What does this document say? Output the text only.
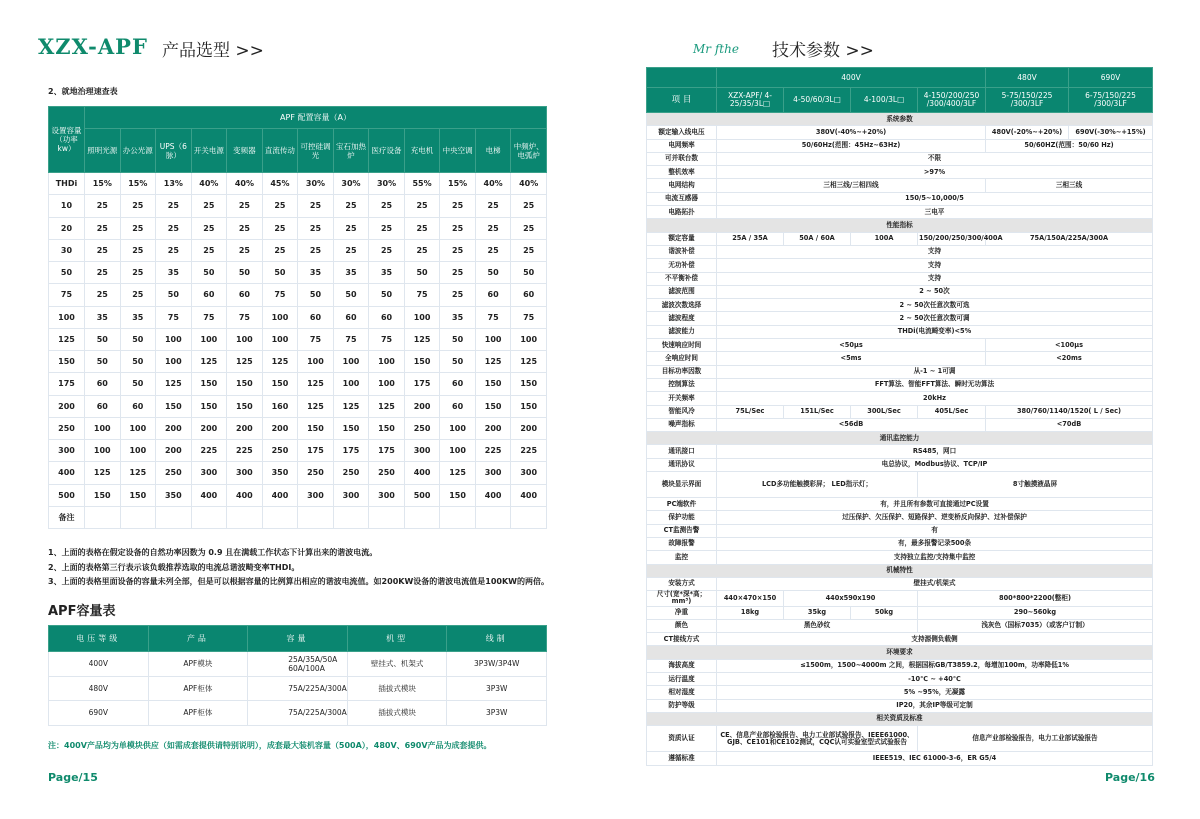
XZX-APF 产品选型 >>
2、就地治理速查表
设置容量（功率kw）	APF 配置容量（A）												
	照明光源	办公光源	UPS（6脉）	开关电源	变频器	直流传动	可控硅调光	宝石加热炉	医疗设备	充电机	中央空调	电梯	中频炉、电弧炉
THDi	15%	15%	13%	40%	40%	45%	30%	30%	30%	55%	15%	40%	40%
10	25	25	25	25	25	25	25	25	25	25	25	25	25
20	25	25	25	25	25	25	25	25	25	25	25	25	25
30	25	25	25	25	25	25	25	25	25	25	25	25	25
50	25	25	35	50	50	50	35	35	35	50	25	50	50
75	25	25	50	60	60	75	50	50	50	75	25	60	60
100	35	35	75	75	75	100	60	60	60	100	35	75	75
125	50	50	100	100	100	100	75	75	75	125	50	100	100
150	50	50	100	125	125	125	100	100	100	150	50	125	125
175	60	50	125	150	150	150	125	100	100	175	60	150	150
200	60	60	150	150	150	160	125	125	125	200	60	150	150
250	100	100	200	200	200	200	150	150	150	250	100	200	200
300	100	100	200	225	225	250	175	175	175	300	100	225	225
400	125	125	250	300	300	350	250	250	250	400	125	300	300
500	150	150	350	400	400	400	300	300	300	500	150	400	400
备注													
1、上面的表格在假定设备的自然功率因数为 0.9 且在满载工作状态下计算出来的谐波电流。
2、上面的表格第三行表示该负载推荐选取的电流总谐波畸变率THDI。
3、上面的表格里面设备的容量未列全部，但是可以根据容量的比例算出相应的谐波电流值。如200KW设备的谐波电流值是100KW的两倍。
APF容量表
电压等级	产品	容量	机型	线制
400V	APF模块	25A/35A/50A 60A/100A	壁挂式、机架式	3P3W/3P4W
480V	APF柜体	75A/225A/300A	插拔式模块	3P3W
690V	APF柜体	75A/225A/300A	插拔式模块	3P3W
注：400V产品均为单模块供应（如需成套提供请特别说明），成套最大装机容量（500A），480V、690V产品为成套提供。
Page/15
Mr fthe 技术参数 >>
	400V				480V	690V
项 目	XZX-APF/ 4-25/35/3L□	4-50/60/3L□	4-100/3L□	4-150/200/250 /300/400/3LF	5-75/150/225 /300/3LF	6-75/150/225 /300/3LF
系统参数						
额定输入线电压	380V(-40%~+20%)				480V(-20%~+20%)	690V(-30%~+15%)
电网频率	50/60Hz(范围：45Hz~63Hz)				50/60HZ(范围：50/60 Hz)	
可并联台数	不限					
整机效率	>97%					
电网结构	三相三线/三相四线				三相三线	
电流互感器	150/5~10,000/5					
电路拓扑	三电平					
性能指标						
额定容量	25A / 35A	50A / 60A	100A	150/200/250/300/400A	75A/150A/225A/300A	
谐波补偿	支持					
无功补偿	支持					
不平衡补偿	支持					
滤波范围	2 ~ 50次					
滤波次数选择	2 ~ 50次任意次数可选					
滤波程度	2 ~ 50次任意次数可调					
滤波能力	THDi(电流畸变率)<5%					
快速响应时间	<50μs				<100μs	
全响应时间	<5ms				<20ms	
目标功率因数	从-1 ~ 1可调					
控制算法	FFT算法、智能FFT算法、瞬时无功算法					
开关频率	20kHz					
智能风冷	75L/Sec	151L/Sec	300L/Sec	405L/Sec	380/760/1140/1520( L / Sec)	
噪声指标	<56dB				<70dB	
通讯监控能力						
通讯接口	RS485，网口					
通讯协议	电总协议，Modbus协议、TCP/IP					
模块显示界面	LCD多功能触摸彩屏； LED指示灯；			8寸触摸液晶屏		
PC端软件	有，并且所有参数可直接通过PC设置					
保护功能	过压保护、欠压保护、短路保护、逆变桥反向保护、过补偿保护					
CT监测告警	有					
故障报警	有，最多报警记录500条					
监控	支持独立监控/支持集中监控					
机械特性						
安装方式	壁挂式/机架式					
尺寸(宽*深*高；mm³)	440×470×150	440x590x190		800*800*2200(整柜)		
净重	18kg	35kg	50kg	290~560kg		
颜色	黑色砂纹			浅灰色（国标7035）（或客户订制）		
CT接线方式	支持源侧负载侧					
环境要求						
海拔高度	≤1500m，1500~4000m 之间，根据国标GB/T3859.2，每增加100m，功率降低1%					
运行温度	-10℃ ~ +40℃					
相对湿度	5% ~95%，无凝露					
防护等级	IP20，其余IP等级可定制					
相关资质及标准						
资质认证	CE、信息产业部检验报告、电力工业部试验报告、IEEE61000、GJB、CE101和CE102测试，CQC认可实验室型式试验报告			信息产业部检验报告，电力工业部试验报告		
遵循标准	IEEE519、IEC 61000-3-6，ER G5/4					
Page/16
